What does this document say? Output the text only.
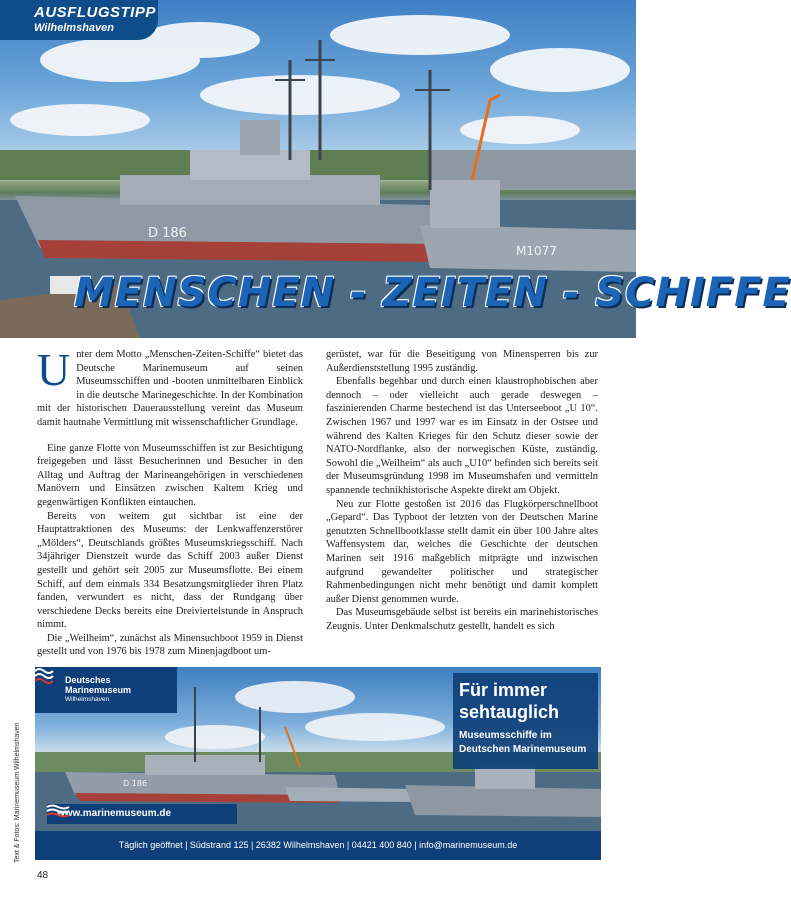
D 186
M1077
AUSFLUGSTIPP
Wilhelmshaven
MENSCHEN - ZEITEN - SCHIFFE

Unter dem Motto „Menschen-Zeiten-Schiffe“ bietet das Deutsche Marinemuseum auf seinen Museumsschiffen und -booten unmittelbaren Einblick in die deutsche Marinegeschichte. In der Kombination mit der historischen Dauerausstellung vereint das Museum damit hautnahe Vermittlung mit wissenschaftlicher Grundlage.

Eine ganze Flotte von Museumsschiffen ist zur Besichtigung freigegeben und lässt Besucherinnen und Besucher in den Alltag und Auftrag der Marineangehörigen in verschiedenen Manövern und Einsätzen zwischen Kaltem Krieg und gegenwärtigen Konflikten eintauchen.

Bereits von weitem gut sichtbar ist eine der Hauptattraktionen des Museums: der Lenkwaffenzerstörer „Mölders“, Deutschlands größtes Museumskriegsschiff. Nach 34jähriger Dienstzeit wurde das Schiff 2003 außer Dienst gestellt und gehört seit 2005 zur Museumsflotte. Bei einem Schiff, auf dem einmals 334 Besatzungsmitglieder ihren Platz fanden, verwundert es nicht, dass der Rundgang über verschiedene Decks bereits eine Dreiviertelstunde in Anspruch nimmt.

Die „Weilheim“, zunächst als Minensuchboot 1959 in Dienst gestellt und von 1976 bis 1978 zum Minenjagdboot um-

gerüstet, war für die Beseitigung von Minensperren bis zur Außerdienststellung 1995 zuständig.

Ebenfalls begehbar und durch einen klaustrophobischen aber dennoch – oder vielleicht auch gerade deswegen – faszinierenden Charme bestechend ist das Unterseeboot „U 10“. Zwischen 1967 und 1997 war es im Einsatz in der Ostsee und während des Kalten Krieges für den Schutz dieser sowie der NATO-Nordflanke, also der norwegischen Küste, zuständig. Sowohl die „Weilheim“ als auch „U10“ befinden sich bereits seit der Museumsgründung 1998 im Museumshafen und vermitteln spannende technikhistorische Aspekte direkt am Objekt.

Neu zur Flotte gestoßen ist 2016 das Flugkörperschnellboot „Gepard“. Das Typboot der letzten von der Deutschen Marine genutzten Schnellbootklasse stellt damit ein über 100 Jahre altes Waffensystem dar, welches die Geschichte der deutschen Marinen seit 1916 maßgeblich mitprägte und inzwischen aufgrund gewandelter politischer und strategischer Rahmenbedingungen nicht mehr benötigt und damit komplett außer Dienst genommen wurde.

Das Museumsgebäude selbst ist bereits ein marinehistorisches Zeugnis. Unter Denkmalschutz gestellt, handelt es sich

D 186
Deutsches
Marinemuseum
Wilhelmshaven	Für immer
sehtauglich
Museumsschiffe im
Deutschen Marinemuseum
www.marinemuseum.de
Täglich geöffnet | Südstrand 125 | 26382 Wilhelmshaven | 04421 400 840 | info@marinemuseum.de
Text & Fotos: Marinemuseum Wilhelmshaven
48
